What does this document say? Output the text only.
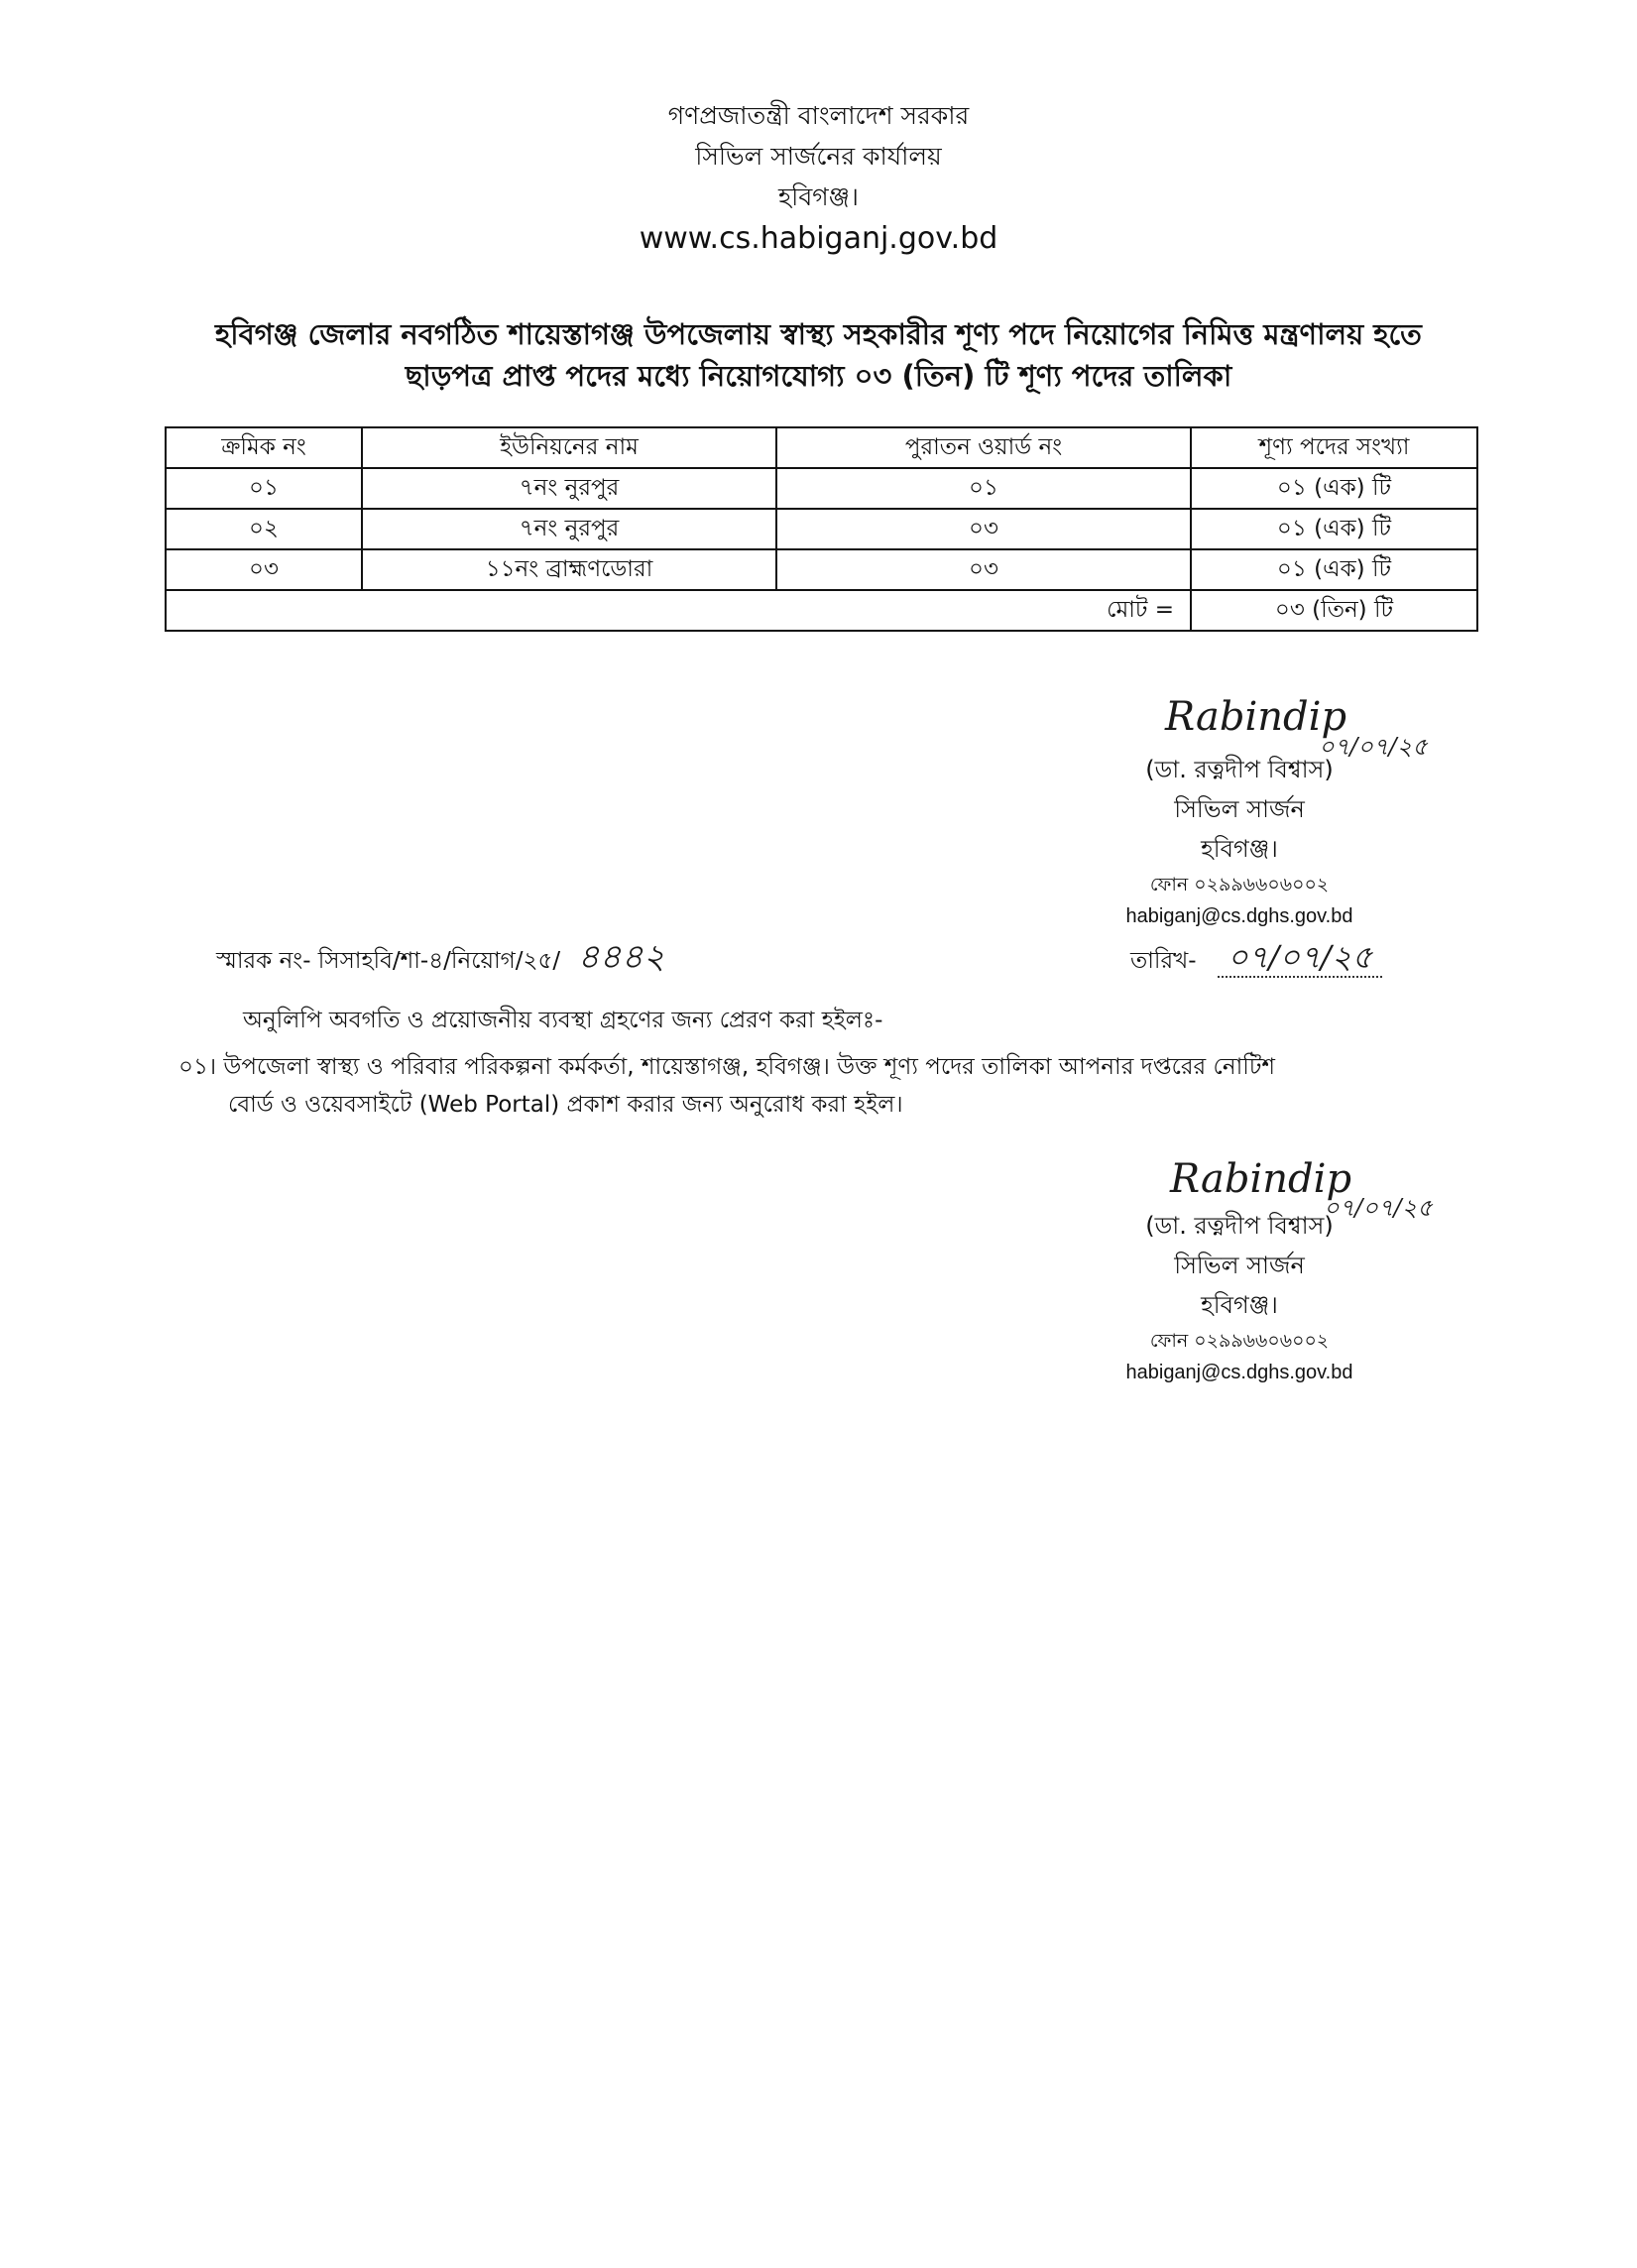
গণপ্রজাতন্ত্রী বাংলাদেশ সরকার
সিভিল সার্জনের কার্যালয়
হবিগঞ্জ।
www.cs.habiganj.gov.bd
হবিগঞ্জ জেলার নবগঠিত শায়েস্তাগঞ্জ উপজেলায় স্বাস্থ্য সহকারীর শূণ্য পদে নিয়োগের নিমিত্ত মন্ত্রণালয় হতে
ছাড়পত্র প্রাপ্ত পদের মধ্যে নিয়োগযোগ্য ০৩ (তিন) টি শূণ্য পদের তালিকা
ক্রমিক নং	ইউনিয়নের নাম	পুরাতন ওয়ার্ড নং	শূণ্য পদের সংখ্যা
০১	৭নং নুরপুর	০১	০১ (এক) টি
০২	৭নং নুরপুর	০৩	০১ (এক) টি
০৩	১১নং ব্রাহ্মণডোরা	০৩	০১ (এক) টি
মোট =			০৩ (তিন) টি
Rabindip
০৭/০৭/২৫
(ডা. রত্নদীপ বিশ্বাস)
সিভিল সার্জন
হবিগঞ্জ।
ফোন ০২৯৯৬৬০৬০০২
habiganj@cs.dghs.gov.bd
স্মারক নং- সিসাহবি/শা-৪/নিয়োগ/২৫/ ৪৪৪২	তারিখ- ০৭/০৭/২৫
অনুলিপি অবগতি ও প্রয়োজনীয় ব্যবস্থা গ্রহণের জন্য প্রেরণ করা হইলঃ-
০১। উপজেলা স্বাস্থ্য ও পরিবার পরিকল্পনা কর্মকর্তা, শায়েস্তাগঞ্জ, হবিগঞ্জ। উক্ত শূণ্য পদের তালিকা আপনার দপ্তরের নোটিশ
বোর্ড ও ওয়েবসাইটে (Web Portal) প্রকাশ করার জন্য অনুরোধ করা হইল।
Rabindip
০৭/০৭/২৫
(ডা. রত্নদীপ বিশ্বাস)
সিভিল সার্জন
হবিগঞ্জ।
ফোন ০২৯৯৬৬০৬০০২
habiganj@cs.dghs.gov.bd
